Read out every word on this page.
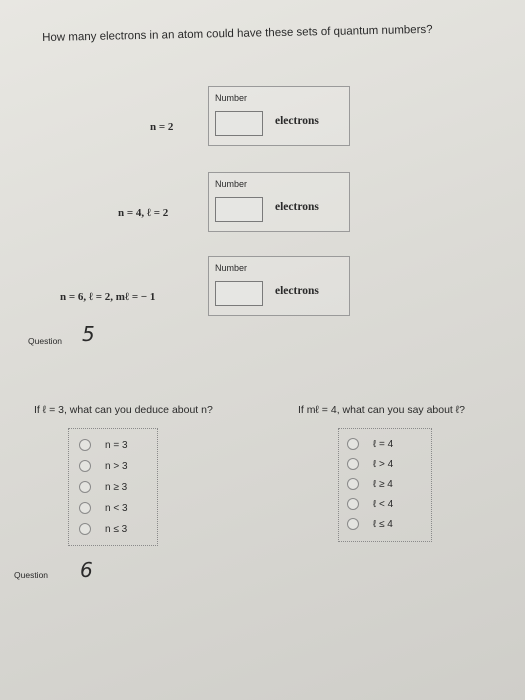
How many electrons in an atom could have these sets of quantum numbers?
n = 2
Number
electrons
n = 4, ℓ = 2
Number
electrons
n = 6, ℓ = 2, mℓ = − 1
Number
electrons
Question 5
If ℓ = 3, what can you deduce about n?
n = 3
n > 3
n ≥ 3
n < 3
n ≤ 3
If mℓ = 4, what can you say about ℓ?
ℓ = 4
ℓ > 4
ℓ ≥ 4
ℓ < 4
ℓ ≤ 4
Question 6
